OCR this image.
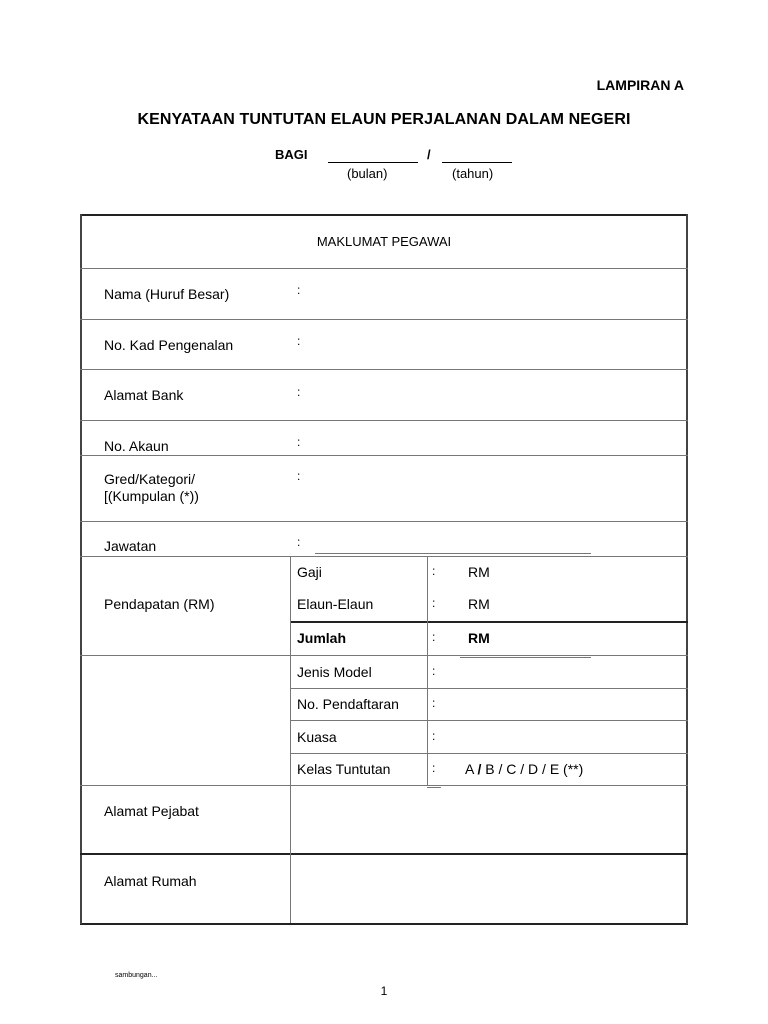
LAMPIRAN A
KENYATAAN TUNTUTAN ELAUN PERJALANAN DALAM NEGERI
BAGI	/
(bulan)	(tahun)
MAKLUMAT PEGAWAI
Nama (Huruf Besar)	:
No. Kad Pengenalan	:
Alamat Bank	:
No. Akaun	:
Gred/Kategori/
[(Kumpulan (*))
:
Jawatan	:
Pendapatan (RM)
Gaji	: RM
Elaun-Elaun	: RM
Jumlah	: RM
Jenis Model	:
No. Pendaftaran	:
Kuasa	:
Kelas Tuntutan	: A / B / C / D / E (**)
Alamat Pejabat
Alamat Rumah
sambungan...
1
